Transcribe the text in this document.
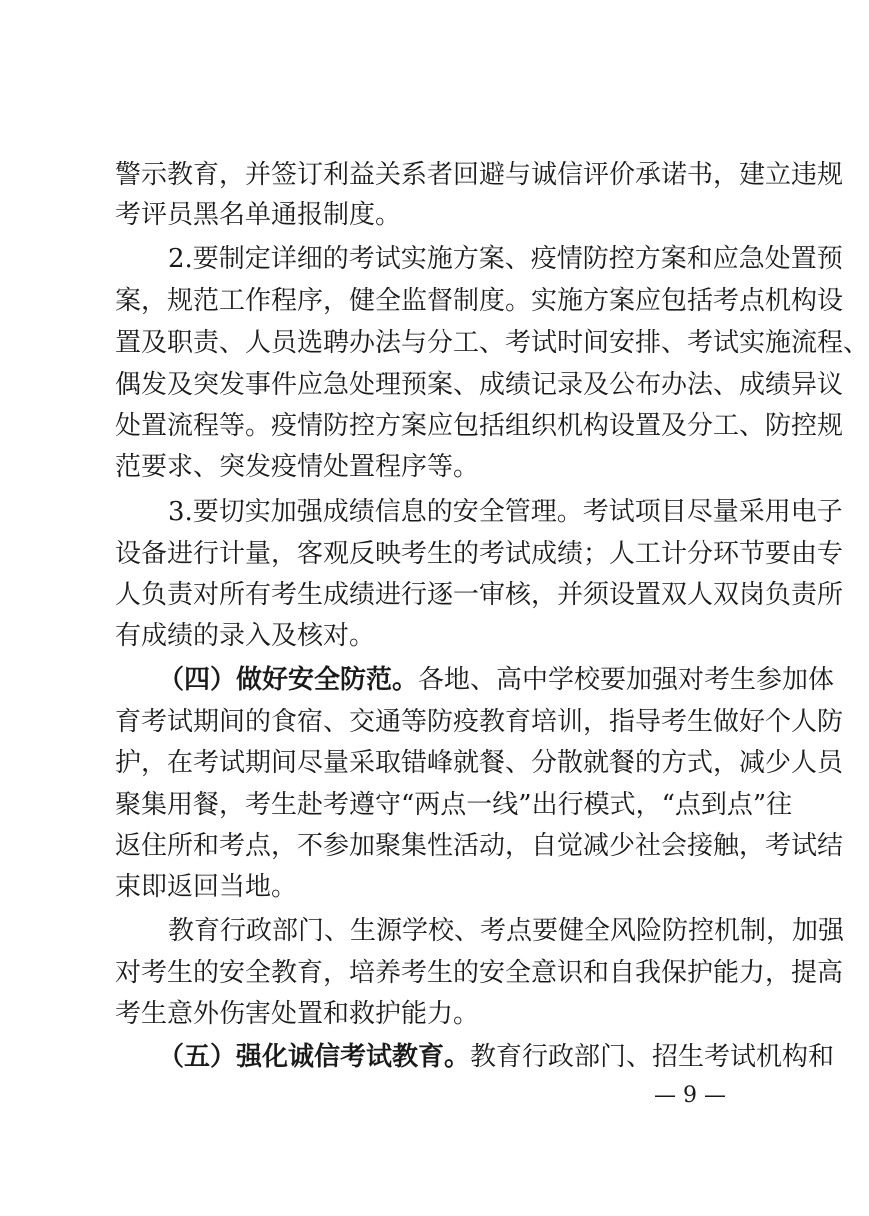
警示教育，并签订利益关系者回避与诚信评价承诺书，建立违规
考评员黑名单通报制度。
2.要制定详细的考试实施方案、疫情防控方案和应急处置预
案，规范工作程序，健全监督制度。实施方案应包括考点机构设
置及职责、人员选聘办法与分工、考试时间安排、考试实施流程、
偶发及突发事件应急处理预案、成绩记录及公布办法、成绩异议
处置流程等。疫情防控方案应包括组织机构设置及分工、防控规
范要求、突发疫情处置程序等。
3.要切实加强成绩信息的安全管理。考试项目尽量采用电子
设备进行计量，客观反映考生的考试成绩；人工计分环节要由专
人负责对所有考生成绩进行逐一审核，并须设置双人双岗负责所
有成绩的录入及核对。
（四）做好安全防范。各地、高中学校要加强对考生参加体
育考试期间的食宿、交通等防疫教育培训，指导考生做好个人防
护，在考试期间尽量采取错峰就餐、分散就餐的方式，减少人员
聚集用餐，考生赴考遵守“两点一线”出行模式，“点到点”往
返住所和考点，不参加聚集性活动，自觉减少社会接触，考试结
束即返回当地。
教育行政部门、生源学校、考点要健全风险防控机制，加强
对考生的安全教育，培养考生的安全意识和自我保护能力，提高
考生意外伤害处置和救护能力。
（五）强化诚信考试教育。教育行政部门、招生考试机构和
— 9 —
